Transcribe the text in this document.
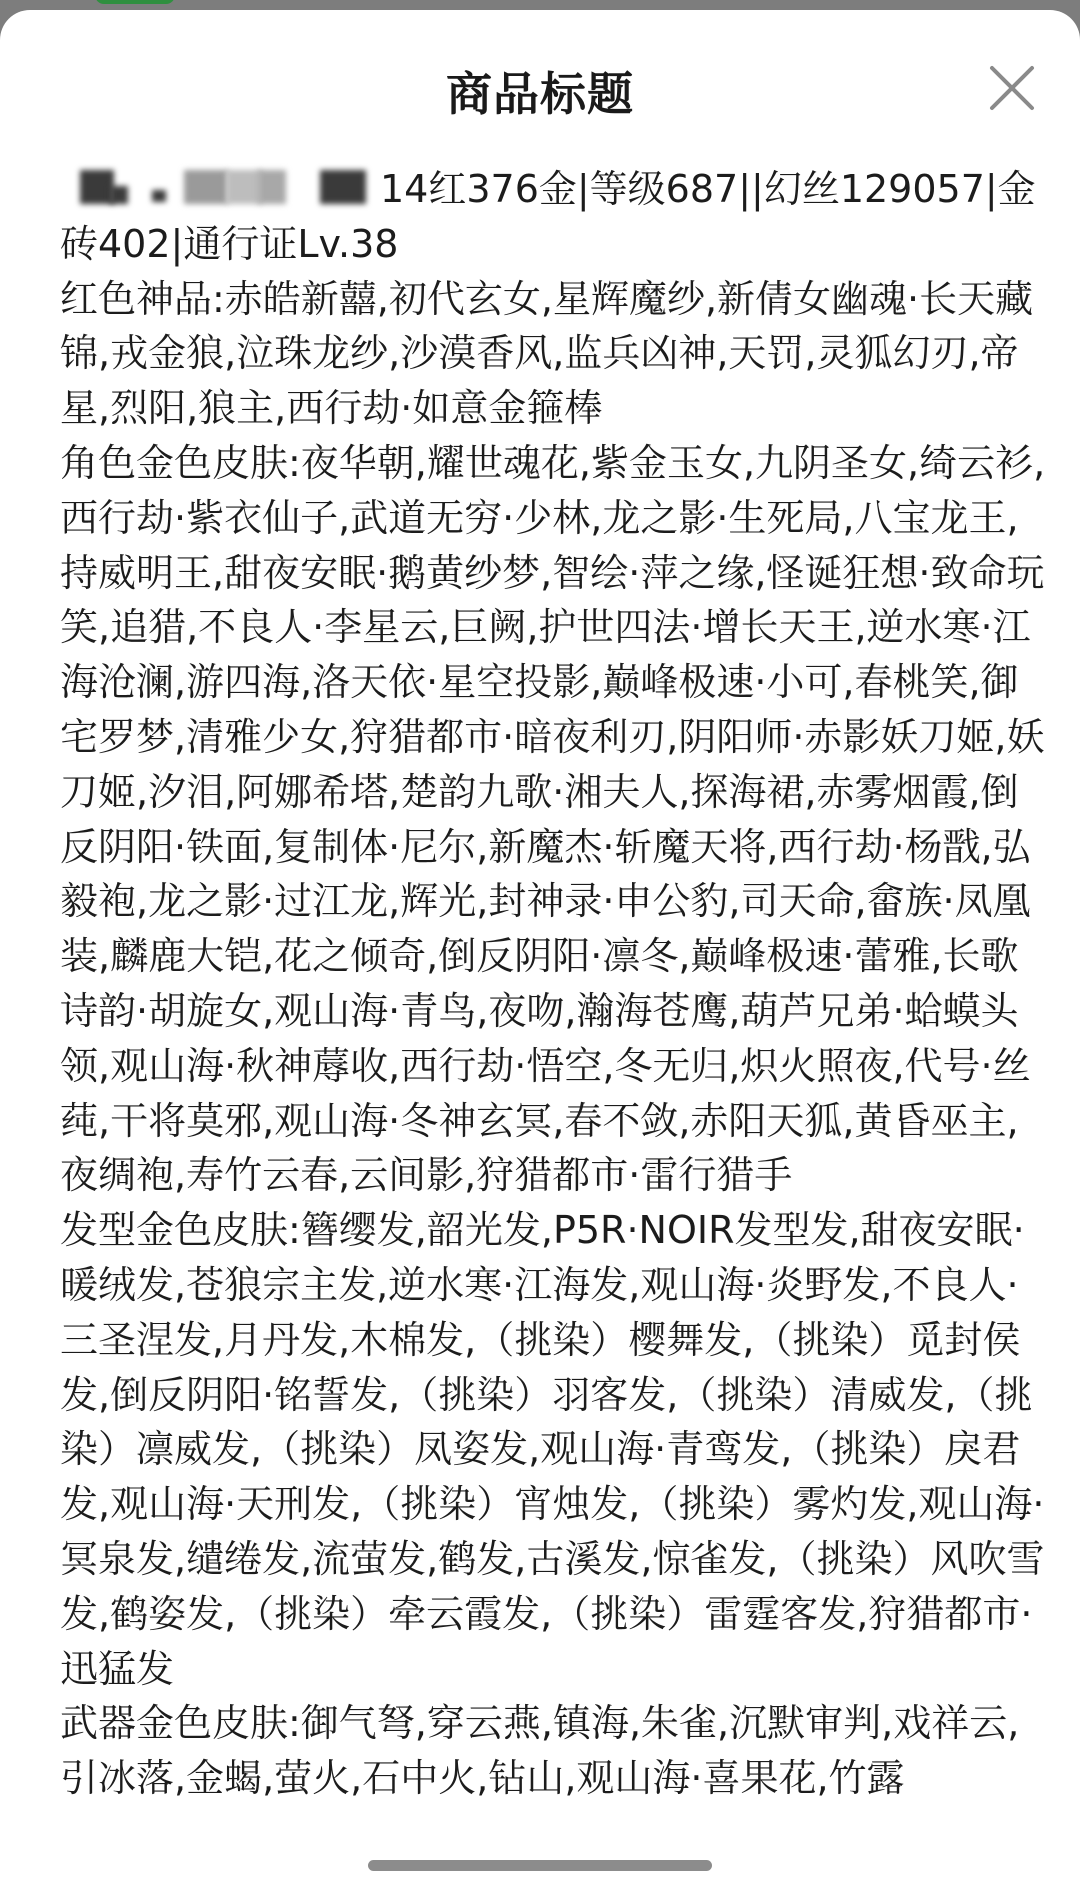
商品标题

14红376金|等级687||幻丝129057|金砖402|通行证Lv.38

红色神品:赤皓新囍,初代玄女,星辉魔纱,新倩女幽魂·长天藏锦,戎金狼,泣珠龙纱,沙漠香风,监兵凶神,天罚,灵狐幻刃,帝星,烈阳,狼主,西行劫·如意金箍棒

角色金色皮肤:夜华朝,耀世魂花,紫金玉女,九阴圣女,绮云衫,西行劫·紫衣仙子,武道无穷·少林,龙之影·生死局,八宝龙王,持威明王,甜夜安眠·鹅黄纱梦,智绘·萍之缘,怪诞狂想·致命玩笑,追猎,不良人·李星云,巨阙,护世四法·增长天王,逆水寒·江海沧澜,游四海,洛天依·星空投影,巅峰极速·小可,春桃笑,御宅罗梦,清雅少女,狩猎都市·暗夜利刃,阴阳师·赤影妖刀姬,妖刀姬,汐泪,阿娜希塔,楚韵九歌·湘夫人,探海裙,赤雾烟霞,倒反阴阳·铁面,复制体·尼尔,新魔杰·斩魔天将,西行劫·杨戬,弘毅袍,龙之影·过江龙,辉光,封神录·申公豹,司天命,畲族·凤凰装,麟鹿大铠,花之倾奇,倒反阴阳·凛冬,巅峰极速·蕾雅,长歌诗韵·胡旋女,观山海·青鸟,夜吻,瀚海苍鹰,葫芦兄弟·蛤蟆头领,观山海·秋神蓐收,西行劫·悟空,冬无归,炽火照夜,代号·丝莼,干将莫邪,观山海·冬神玄冥,春不敛,赤阳天狐,黄昏巫主,夜绸袍,寿竹云春,云间影,狩猎都市·雷行猎手

发型金色皮肤:簪缨发,韶光发,P5R·NOIR发型发,甜夜安眠·暖绒发,苍狼宗主发,逆水寒·江海发,观山海·炎野发,不良人·三圣涅发,月丹发,木棉发,（挑染）樱舞发,（挑染）觅封侯发,倒反阴阳·铭誓发,（挑染）羽客发,（挑染）清威发,（挑染）凛威发,（挑染）凤姿发,观山海·青鸾发,（挑染）戾君发,观山海·天刑发,（挑染）宵烛发,（挑染）雾灼发,观山海·冥泉发,缱绻发,流萤发,鹤发,古溪发,惊雀发,（挑染）风吹雪发,鹤姿发,（挑染）牵云霞发,（挑染）雷霆客发,狩猎都市·迅猛发

武器金色皮肤:御气弩,穿云燕,镇海,朱雀,沉默审判,戏祥云,引冰落,金蝎,萤火,石中火,钻山,观山海·喜果花,竹露
